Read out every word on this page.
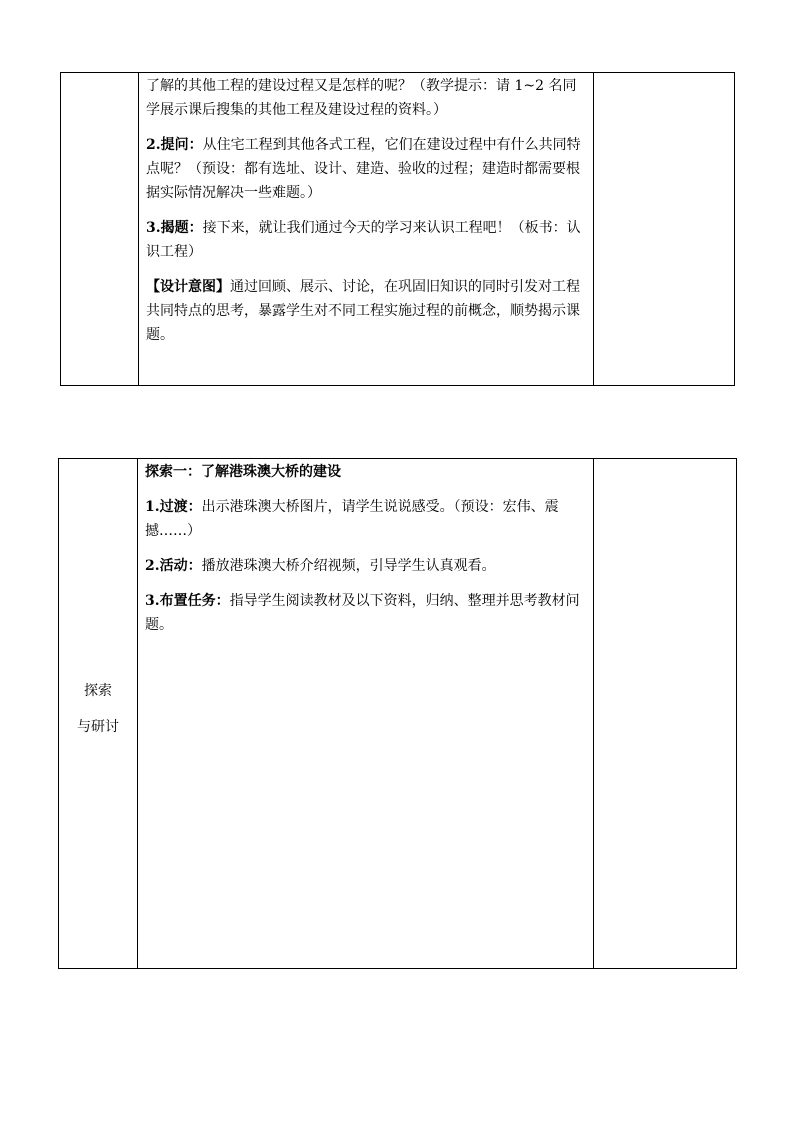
了解的其他工程的建设过程又是怎样的呢？（教学提示：请 1~2 名同学展示课后搜集的其他工程及建设过程的资料。）

2.提问：从住宅工程到其他各式工程，它们在建设过程中有什么共同特点呢？（预设：都有选址、设计、建造、验收的过程；建造时都需要根据实际情况解决一些难题。）

3.揭题：接下来，就让我们通过今天的学习来认识工程吧！（板书：认识工程）

【设计意图】通过回顾、展示、讨论，在巩固旧知识的同时引发对工程共同特点的思考，暴露学生对不同工程实施过程的前概念，顺势揭示课题。

探索
与研讨

探索一：了解港珠澳大桥的建设

1.过渡：出示港珠澳大桥图片，请学生说说感受。（预设：宏伟、震撼……）

2.活动：播放港珠澳大桥介绍视频，引导学生认真观看。

3.布置任务：指导学生阅读教材及以下资料，归纳、整理并思考教材问题。
